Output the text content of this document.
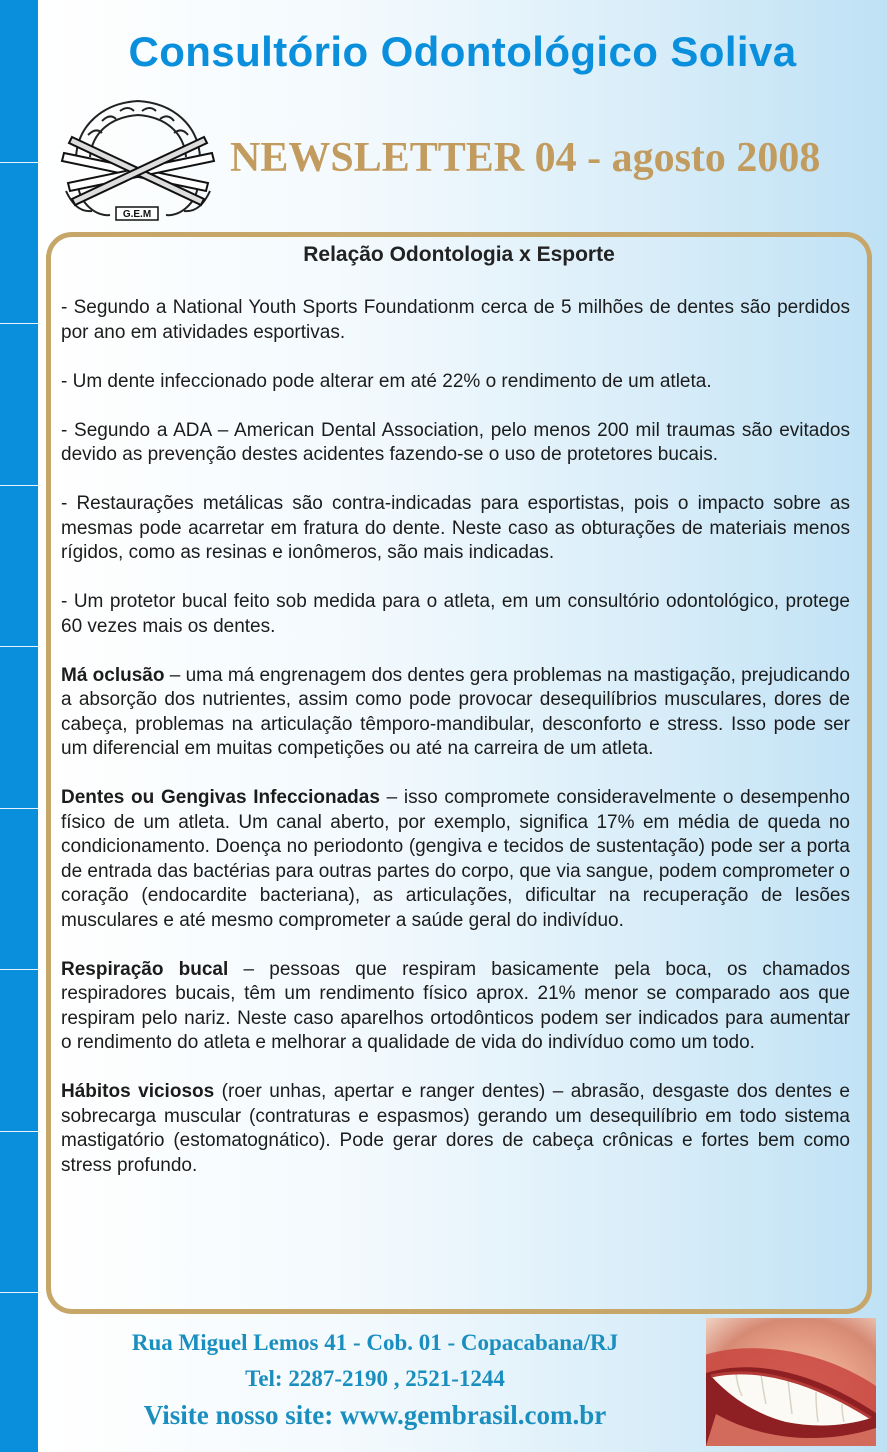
Consultório Odontológico Soliva
G.E.M
NEWSLETTER 04 - agosto 2008
Relação Odontologia x Esporte

- Segundo a National Youth Sports Foundationm cerca de 5 milhões de dentes são perdidos por ano em atividades esportivas.

- Um dente infeccionado pode alterar em até 22% o rendimento de um atleta.

- Segundo a ADA – American Dental Association, pelo menos 200 mil traumas são evitados devido as prevenção destes acidentes fazendo-se o uso de protetores bucais.

- Restaurações metálicas são contra-indicadas para esportistas, pois o impacto sobre as mesmas pode acarretar em fratura do dente. Neste caso as obturações de materiais menos rígidos, como as resinas e ionômeros, são mais indicadas.

- Um protetor bucal feito sob medida para o atleta, em um consultório odontológico, protege 60 vezes mais os dentes.

Má oclusão – uma má engrenagem dos dentes gera problemas na mastigação, prejudicando a absorção dos nutrientes, assim como pode provocar desequilíbrios musculares, dores de cabeça, problemas na articulação têmporo-mandibular, desconforto e stress. Isso pode ser um diferencial em muitas competições ou até na carreira de um atleta.

Dentes ou Gengivas Infeccionadas – isso compromete consideravelmente o desempenho físico de um atleta. Um canal aberto, por exemplo, significa 17% em média de queda no condicionamento. Doença no periodonto (gengiva e tecidos de sustentação) pode ser a porta de entrada das bactérias para outras partes do corpo, que via sangue, podem comprometer o coração (endocardite bacteriana), as articulações, dificultar na recuperação de lesões musculares e até mesmo comprometer a saúde geral do indivíduo.

Respiração bucal – pessoas que respiram basicamente pela boca, os chamados respiradores bucais, têm um rendimento físico aprox. 21% menor se comparado aos que respiram pelo nariz. Neste caso aparelhos ortodônticos podem ser indicados para aumentar o rendimento do atleta e melhorar a qualidade de vida do indivíduo como um todo.

Hábitos viciosos (roer unhas, apertar e ranger dentes) – abrasão, desgaste dos dentes e sobrecarga muscular (contraturas e espasmos) gerando um desequilíbrio em todo sistema mastigatório (estomatognático). Pode gerar dores de cabeça crônicas e fortes bem como stress profundo.

Rua Miguel Lemos 41 - Cob. 01 - Copacabana/RJ

Tel: 2287-2190 , 2521-1244

Visite nosso site: www.gembrasil.com.br
